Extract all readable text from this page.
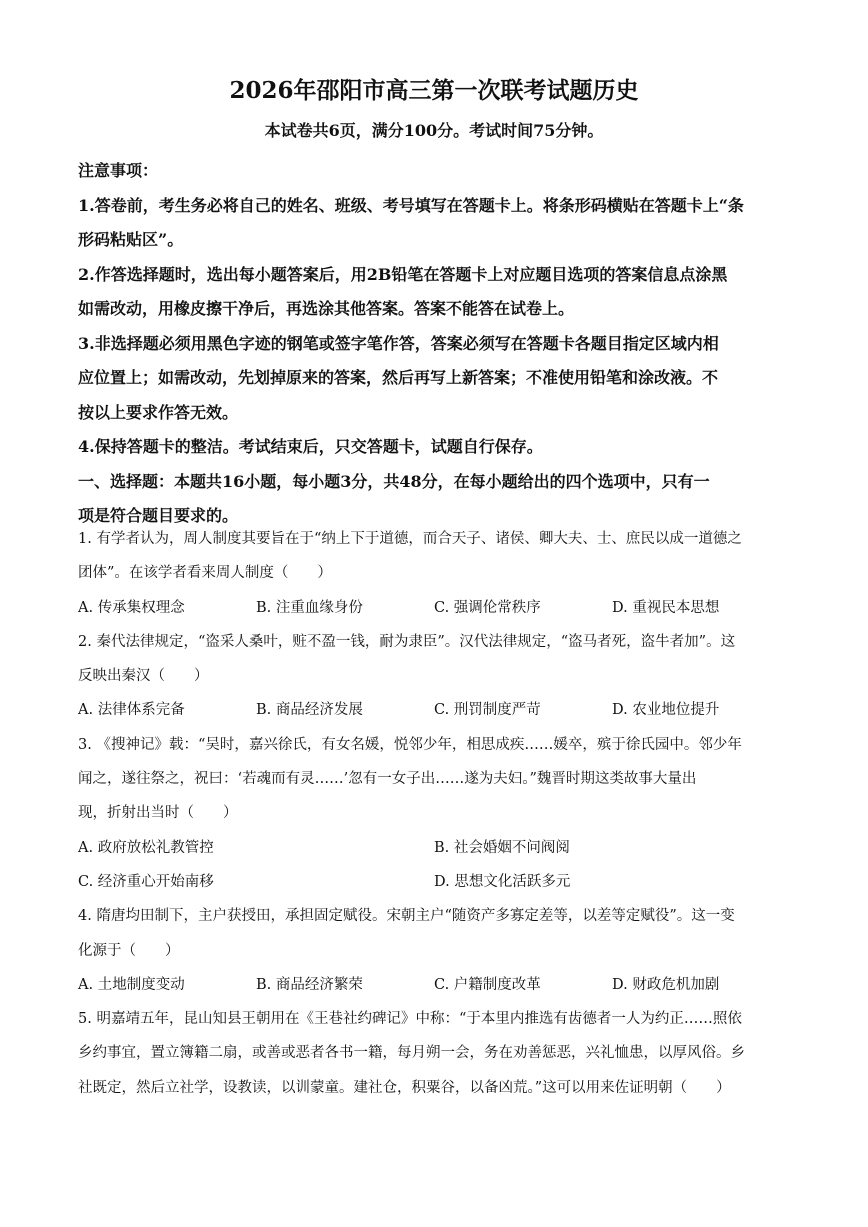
2026年邵阳市高三第一次联考试题历史
本试卷共6页，满分100分。考试时间75分钟。

注意事项：

1.答卷前，考生务必将自己的姓名、班级、考号填写在答题卡上。将条形码横贴在答题卡上“条

形码粘贴区”。

2.作答选择题时，选出每小题答案后，用2B铅笔在答题卡上对应题目选项的答案信息点涂黑

如需改动，用橡皮擦干净后，再选涂其他答案。答案不能答在试卷上。

3.非选择题必须用黑色字迹的钢笔或签字笔作答，答案必须写在答题卡各题目指定区域内相

应位置上；如需改动，先划掉原来的答案，然后再写上新答案；不准使用铅笔和涂改液。不

按以上要求作答无效。

4.保持答题卡的整洁。考试结束后，只交答题卡，试题自行保存。

一、选择题：本题共16小题，每小题3分，共48分，在每小题给出的四个选项中，只有一

项是符合题目要求的。

1. 有学者认为，周人制度其要旨在于“纳上下于道德，而合天子、诸侯、卿大夫、士、庶民以成一道德之

团体”。在该学者看来周人制度（　　）

A. 传承集权理念	B. 注重血缘身份	C. 强调伦常秩序	D. 重视民本思想

2. 秦代法律规定，“盗采人桑叶，赃不盈一钱，耐为隶臣”。汉代法律规定，“盗马者死，盗牛者加”。这

反映出秦汉（　　）

A. 法律体系完备	B. 商品经济发展	C. 刑罚制度严苛	D. 农业地位提升

3. 《搜神记》载：“吴时，嘉兴徐氏，有女名媛，悦邻少年，相思成疾……媛卒，殡于徐氏园中。邻少年

闻之，遂往祭之，祝曰：‘若魂而有灵……’忽有一女子出……遂为夫妇。”魏晋时期这类故事大量出

现，折射出当时（　　）

A. 政府放松礼教管控	B. 社会婚姻不问阀阅
C. 经济重心开始南移	D. 思想文化活跃多元

4. 隋唐均田制下，主户获授田，承担固定赋役。宋朝主户“随资产多寡定差等，以差等定赋役”。这一变

化源于（　　）

A. 土地制度变动	B. 商品经济繁荣	C. 户籍制度改革	D. 财政危机加剧

5. 明嘉靖五年，昆山知县王朝用在《王巷社约碑记》中称：“于本里内推选有齿德者一人为约正……照依

乡约事宜，置立簿籍二扇，或善或恶者各书一籍，每月朔一会，务在劝善惩恶，兴礼恤患，以厚风俗。乡

社既定，然后立社学，设教读，以训蒙童。建社仓，积粟谷，以备凶荒。”这可以用来佐证明朝（　　）
